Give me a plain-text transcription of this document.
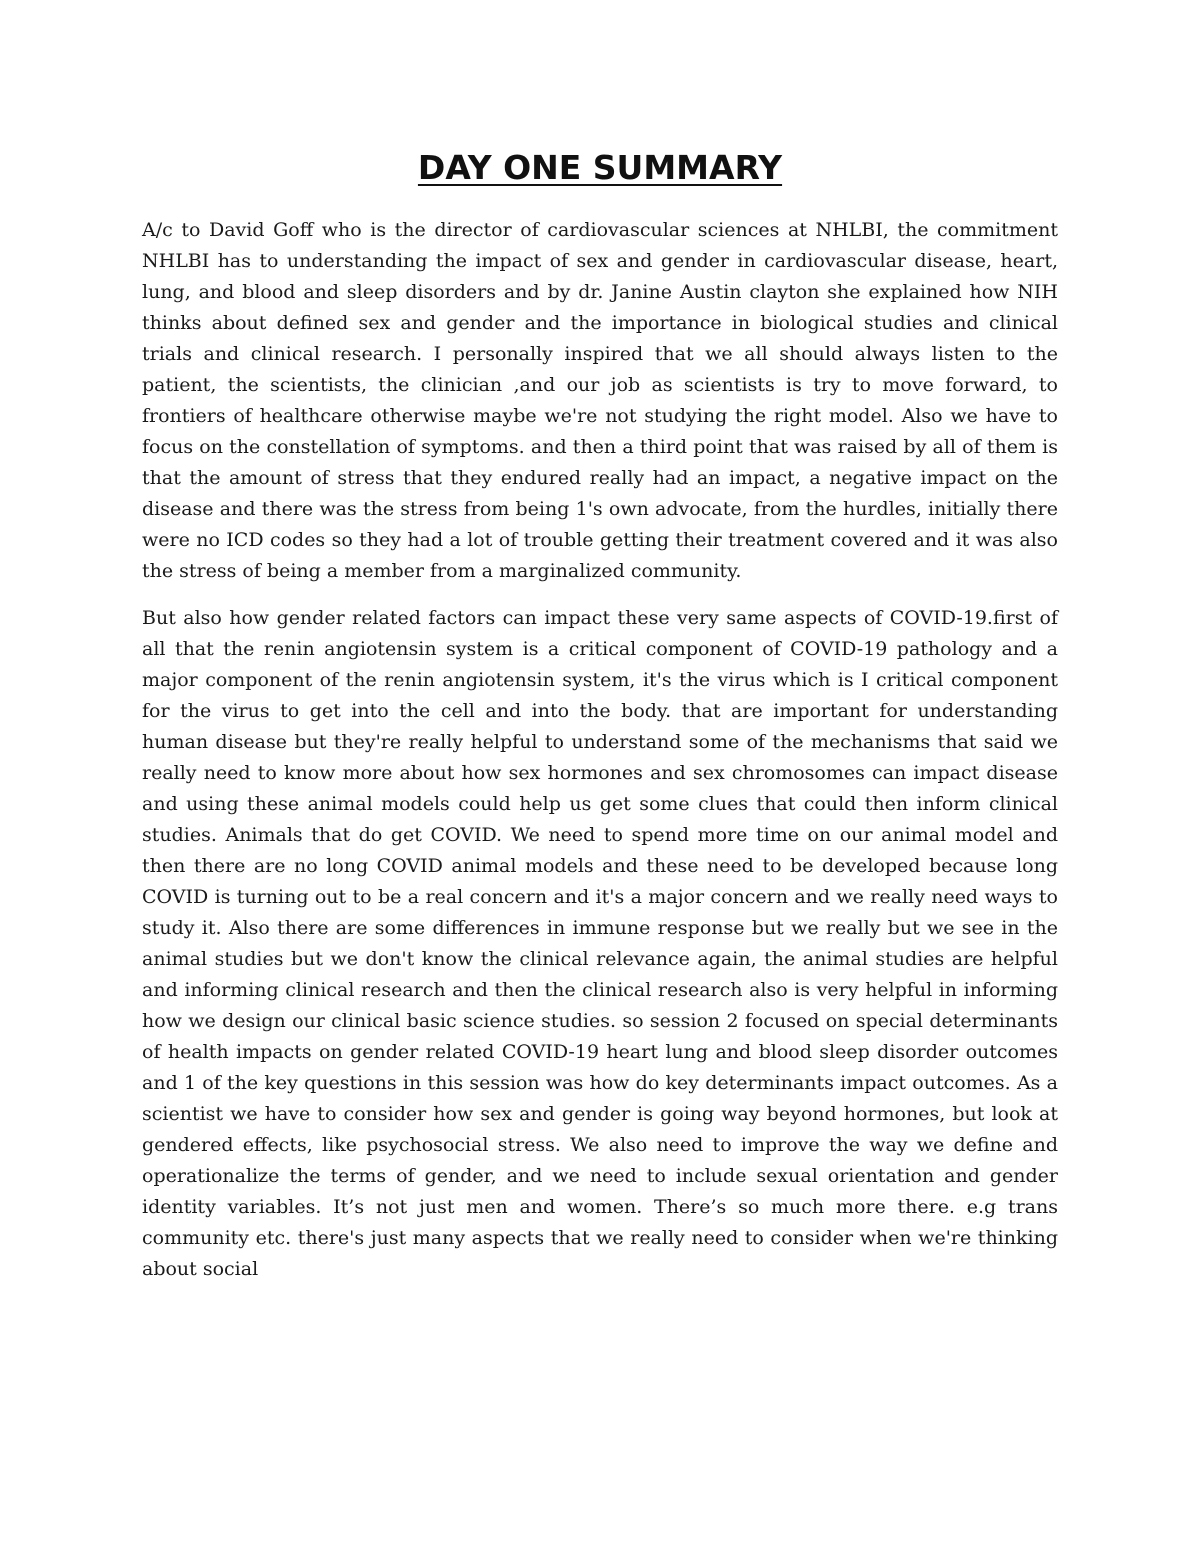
DAY ONE SUMMARY

A/c to David Goff who is the director of cardiovascular sciences at NHLBI, the commitment NHLBI has to understanding the impact of sex and gender in cardiovascular disease, heart, lung, and blood and sleep disorders and by dr. Janine Austin clayton she explained how NIH thinks about defined sex and gender and the importance in biological studies and clinical trials and clinical research. I personally inspired that we all should always listen to the patient, the scientists, the clinician ,and our job as scientists is try to move forward, to frontiers of healthcare otherwise maybe we're not studying the right model. Also we have to focus on the constellation of symptoms. and then a third point that was raised by all of them is that the amount of stress that they endured really had an impact, a negative impact on the disease and there was the stress from being 1's own advocate, from the hurdles, initially there were no ICD codes so they had a lot of trouble getting their treatment covered and it was also the stress of being a member from a marginalized community.

But also how gender related factors can impact these very same aspects of COVID-19.first of all that the renin angiotensin system is a critical component of COVID-19 pathology and a major component of the renin angiotensin system, it's the virus which is I critical component for the virus to get into the cell and into the body. that are important for understanding human disease but they're really helpful to understand some of the mechanisms that said we really need to know more about how sex hormones and sex chromosomes can impact disease and using these animal models could help us get some clues that could then inform clinical studies. Animals that do get COVID. We need to spend more time on our animal model and then there are no long COVID animal models and these need to be developed because long COVID is turning out to be a real concern and it's a major concern and we really need ways to study it. Also there are some differences in immune response but we really but we see in the animal studies but we don't know the clinical relevance again, the animal studies are helpful and informing clinical research and then the clinical research also is very helpful in informing how we design our clinical basic science studies. so session 2 focused on special determinants of health impacts on gender related COVID-19 heart lung and blood sleep disorder outcomes and 1 of the key questions in this session was how do key determinants impact outcomes. As a scientist we have to consider how sex and gender is going way beyond hormones, but look at gendered effects, like psychosocial stress. We also need to improve the way we define and operationalize the terms of gender, and we need to include sexual orientation and gender identity variables. It’s not just men and women. There’s so much more there. e.g trans community etc. there's just many aspects that we really need to consider when we're thinking about social
